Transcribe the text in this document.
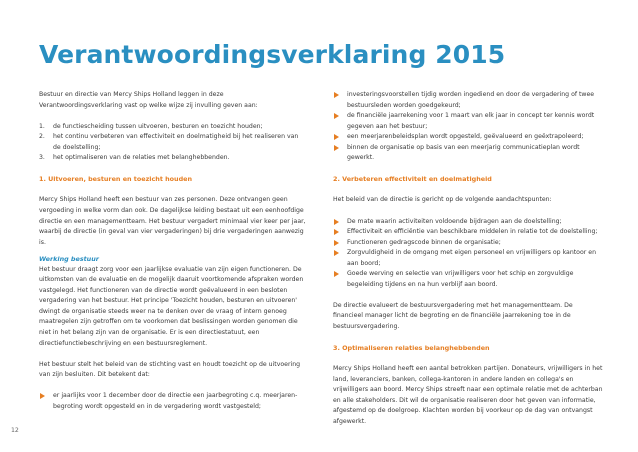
Verantwoordingsverklaring 2015

Bestuur en directie van Mercy Ships Holland leggen in deze Verantwoordingsverklaring vast op welke wijze zij invulling geven aan:

1. de functiescheiding tussen uitvoeren, besturen en toezicht houden;
2. het continu verbeteren van effectiviteit en doelmatigheid bij het realiseren van de doelstelling;
3. het optimaliseren van de relaties met belanghebbenden.

1. Uitvoeren, besturen en toezicht houden

Mercy Ships Holland heeft een bestuur van zes personen. Deze ontvangen geen vergoeding in welke vorm dan ook. De dagelijkse leiding bestaat uit een eenhoofdige directie en een managementteam. Het bestuur vergadert minimaal vier keer per jaar, waarbij de directie (in geval van vier vergaderingen) bij drie vergaderingen aanwezig is.

Werking bestuur

Het bestuur draagt zorg voor een jaarlijkse evaluatie van zijn eigen functioneren. De uitkomsten van de evaluatie en de mogelijk daaruit voortkomende afspraken worden vastgelegd. Het functioneren van de directie wordt geëvalueerd in een besloten vergadering van het bestuur. Het principe 'Toezicht houden, besturen en uitvoeren' dwingt de organisatie steeds weer na te denken over de vraag of intern genoeg maatregelen zijn getroffen om te voorkomen dat beslissingen worden genomen die niet in het belang zijn van de organisatie. Er is een directiestatuut, een directiefunctiebeschrijving en een bestuursreglement.

Het bestuur stelt het beleid van de stichting vast en houdt toezicht op de uitvoering van zijn besluiten. Dit betekent dat:

er jaarlijks voor 1 december door de directie een jaarbegroting c.q. meerjaren-begroting wordt opgesteld en in de vergadering wordt vastgesteld;
investeringsvoorstellen tijdig worden ingediend en door de vergadering of twee bestuursleden worden goedgekeurd;
de financiële jaarrekening voor 1 maart van elk jaar in concept ter kennis wordt gegeven aan het bestuur;
een meerjarenbeleidsplan wordt opgesteld, geëvalueerd en geëxtrapoleerd;
binnen de organisatie op basis van een meerjarig communicatieplan wordt gewerkt.

2. Verbeteren effectiviteit en doelmatigheid

Het beleid van de directie is gericht op de volgende aandachtspunten:

De mate waarin activiteiten voldoende bijdragen aan de doelstelling;
Effectiviteit en efficiëntie van beschikbare middelen in relatie tot de doelstelling;
Functioneren gedragscode binnen de organisatie;
Zorgvuldigheid in de omgang met eigen personeel en vrijwilligers op kantoor en aan boord;
Goede werving en selectie van vrijwilligers voor het schip en zorgvuldige begeleiding tijdens en na hun verblijf aan boord.

De directie evalueert de bestuursvergadering met het managementteam. De financieel manager licht de begroting en de financiële jaarrekening toe in de bestuursvergadering.

3. Optimaliseren relaties belanghebbenden

Mercy Ships Holland heeft een aantal betrokken partijen. Donateurs, vrijwilligers in het land, leveranciers, banken, collega-kantoren in andere landen en collega's en vrijwilligers aan boord. Mercy Ships streeft naar een optimale relatie met de achterban en alle stakeholders. Dit wil de organisatie realiseren door het geven van informatie, afgestemd op de doelgroep. Klachten worden bij voorkeur op de dag van ontvangst afgewerkt.

12
